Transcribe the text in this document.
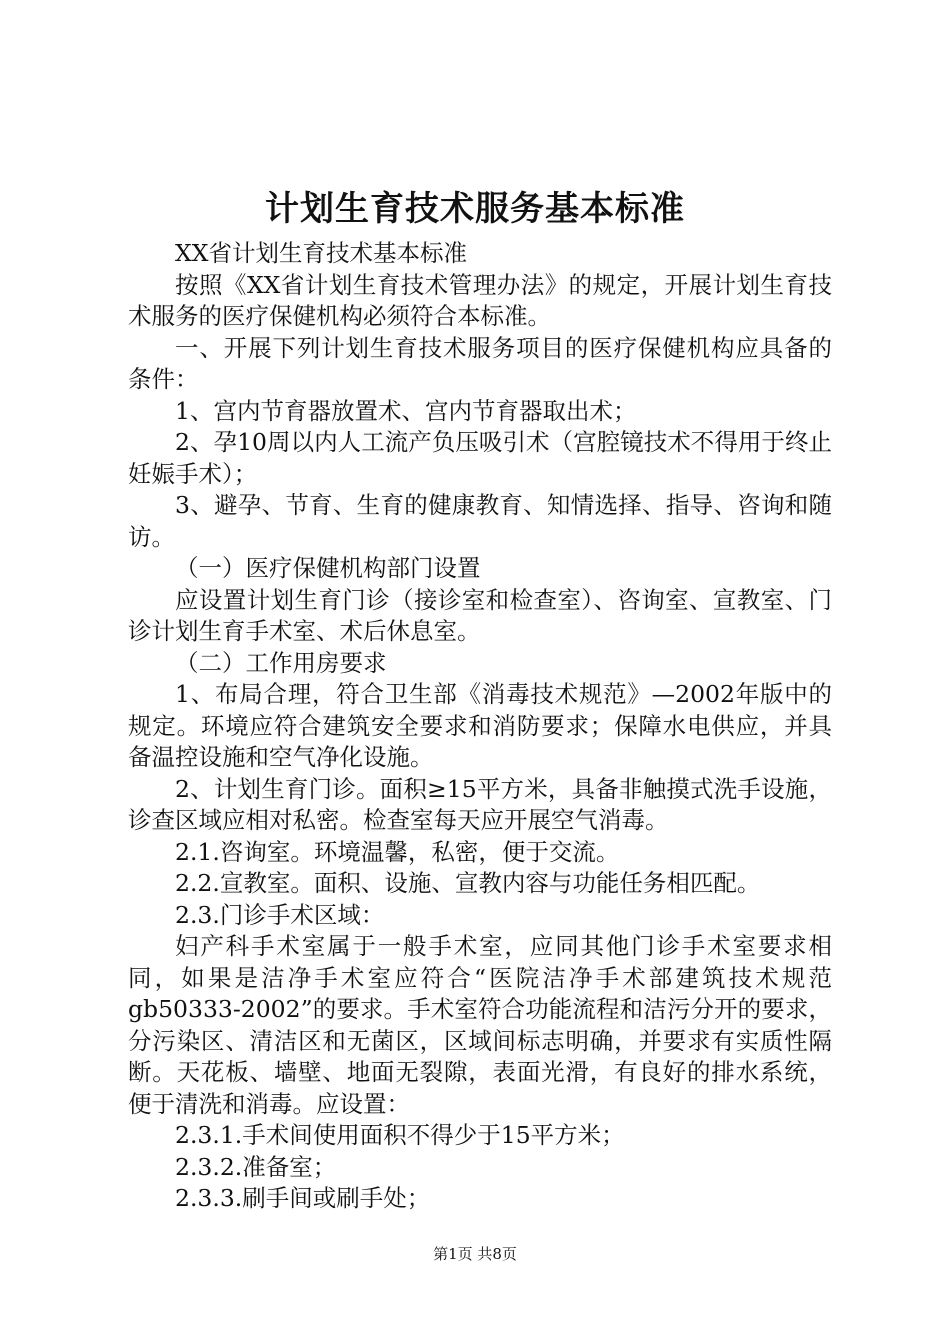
计划生育技术服务基本标准

XX省计划生育技术基本标准

按照《XX省计划生育技术管理办法》的规定，开展计划生育技术服务的医疗保健机构必须符合本标准。

一、开展下列计划生育技术服务项目的医疗保健机构应具备的条件：

1、宫内节育器放置术、宫内节育器取出术；

2、孕10周以内人工流产负压吸引术（宫腔镜技术不得用于终止妊娠手术）；

3、避孕、节育、生育的健康教育、知情选择、指导、咨询和随访。

（一）医疗保健机构部门设置

应设置计划生育门诊（接诊室和检查室）、咨询室、宣教室、门诊计划生育手术室、术后休息室。

（二）工作用房要求

1、布局合理，符合卫生部《消毒技术规范》—2002年版中的规定。环境应符合建筑安全要求和消防要求；保障水电供应，并具备温控设施和空气净化设施。

2、计划生育门诊。面积≥15平方米，具备非触摸式洗手设施，诊查区域应相对私密。检查室每天应开展空气消毒。

2.1.咨询室。环境温馨，私密，便于交流。

2.2.宣教室。面积、设施、宣教内容与功能任务相匹配。

2.3.门诊手术区域：

妇产科手术室属于一般手术室，应同其他门诊手术室要求相同，如果是洁净手术室应符合“医院洁净手术部建筑技术规范gb50333-2002”的要求。手术室符合功能流程和洁污分开的要求，分污染区、清洁区和无菌区，区域间标志明确，并要求有实质性隔断。天花板、墙壁、地面无裂隙，表面光滑，有良好的排水系统，便于清洗和消毒。应设置：

2.3.1.手术间使用面积不得少于15平方米；

2.3.2.准备室；

2.3.3.刷手间或刷手处；

第1页 共8页
